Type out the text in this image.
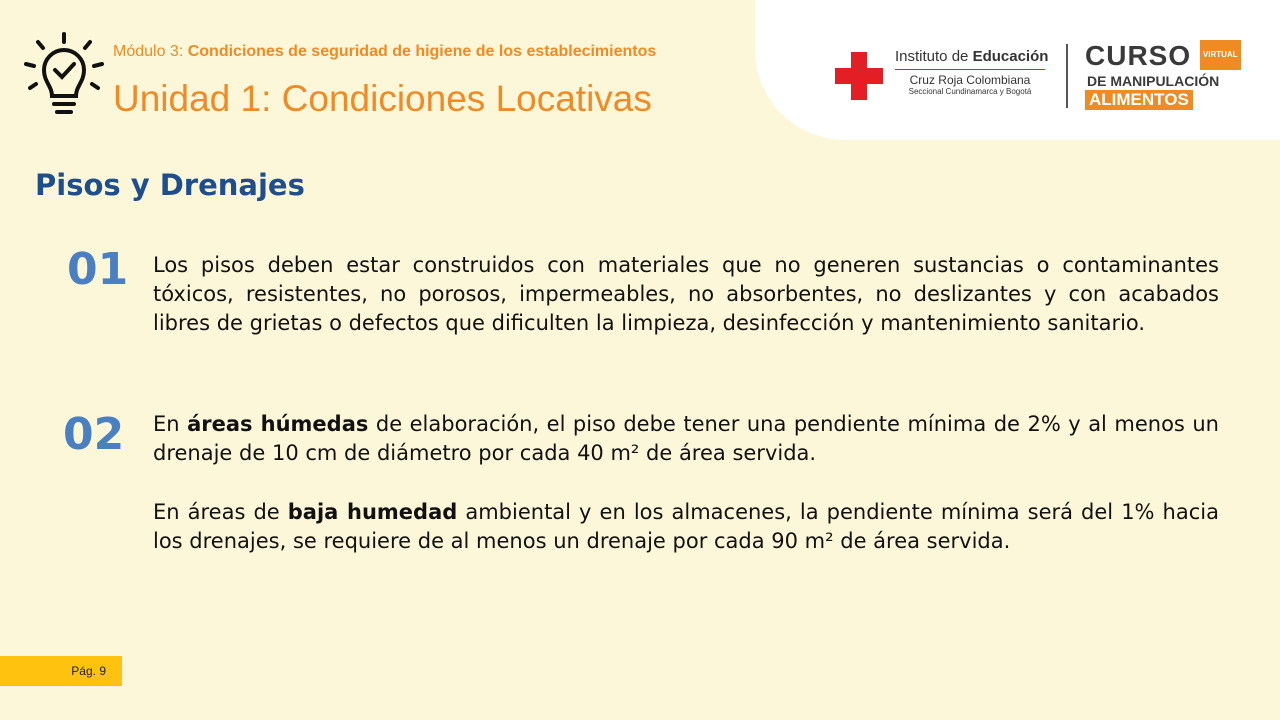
Módulo 3: Condiciones de seguridad de higiene de los establecimientos
Unidad 1: Condiciones Locativas
Instituto de Educación
Cruz Roja Colombiana
Seccional Cundinamarca y Bogotá
CURSO VIRTUAL
DE MANIPULACIÓN
ALIMENTOS
Pisos y Drenajes
01 Los pisos deben estar construidos con materiales que no generen sustancias o contaminantes tóxicos, resistentes, no porosos, impermeables, no absorbentes, no deslizantes y con acabados libres de grietas o defectos que dificulten la limpieza, desinfección y mantenimiento sanitario.
02 En áreas húmedas de elaboración, el piso debe tener una pendiente mínima de 2% y al menos un drenaje de 10 cm de diámetro por cada 40 m² de área servida.
En áreas de baja humedad ambiental y en los almacenes, la pendiente mínima será del 1% hacia los drenajes, se requiere de al menos un drenaje por cada 90 m² de área servida.
Pág. 9
